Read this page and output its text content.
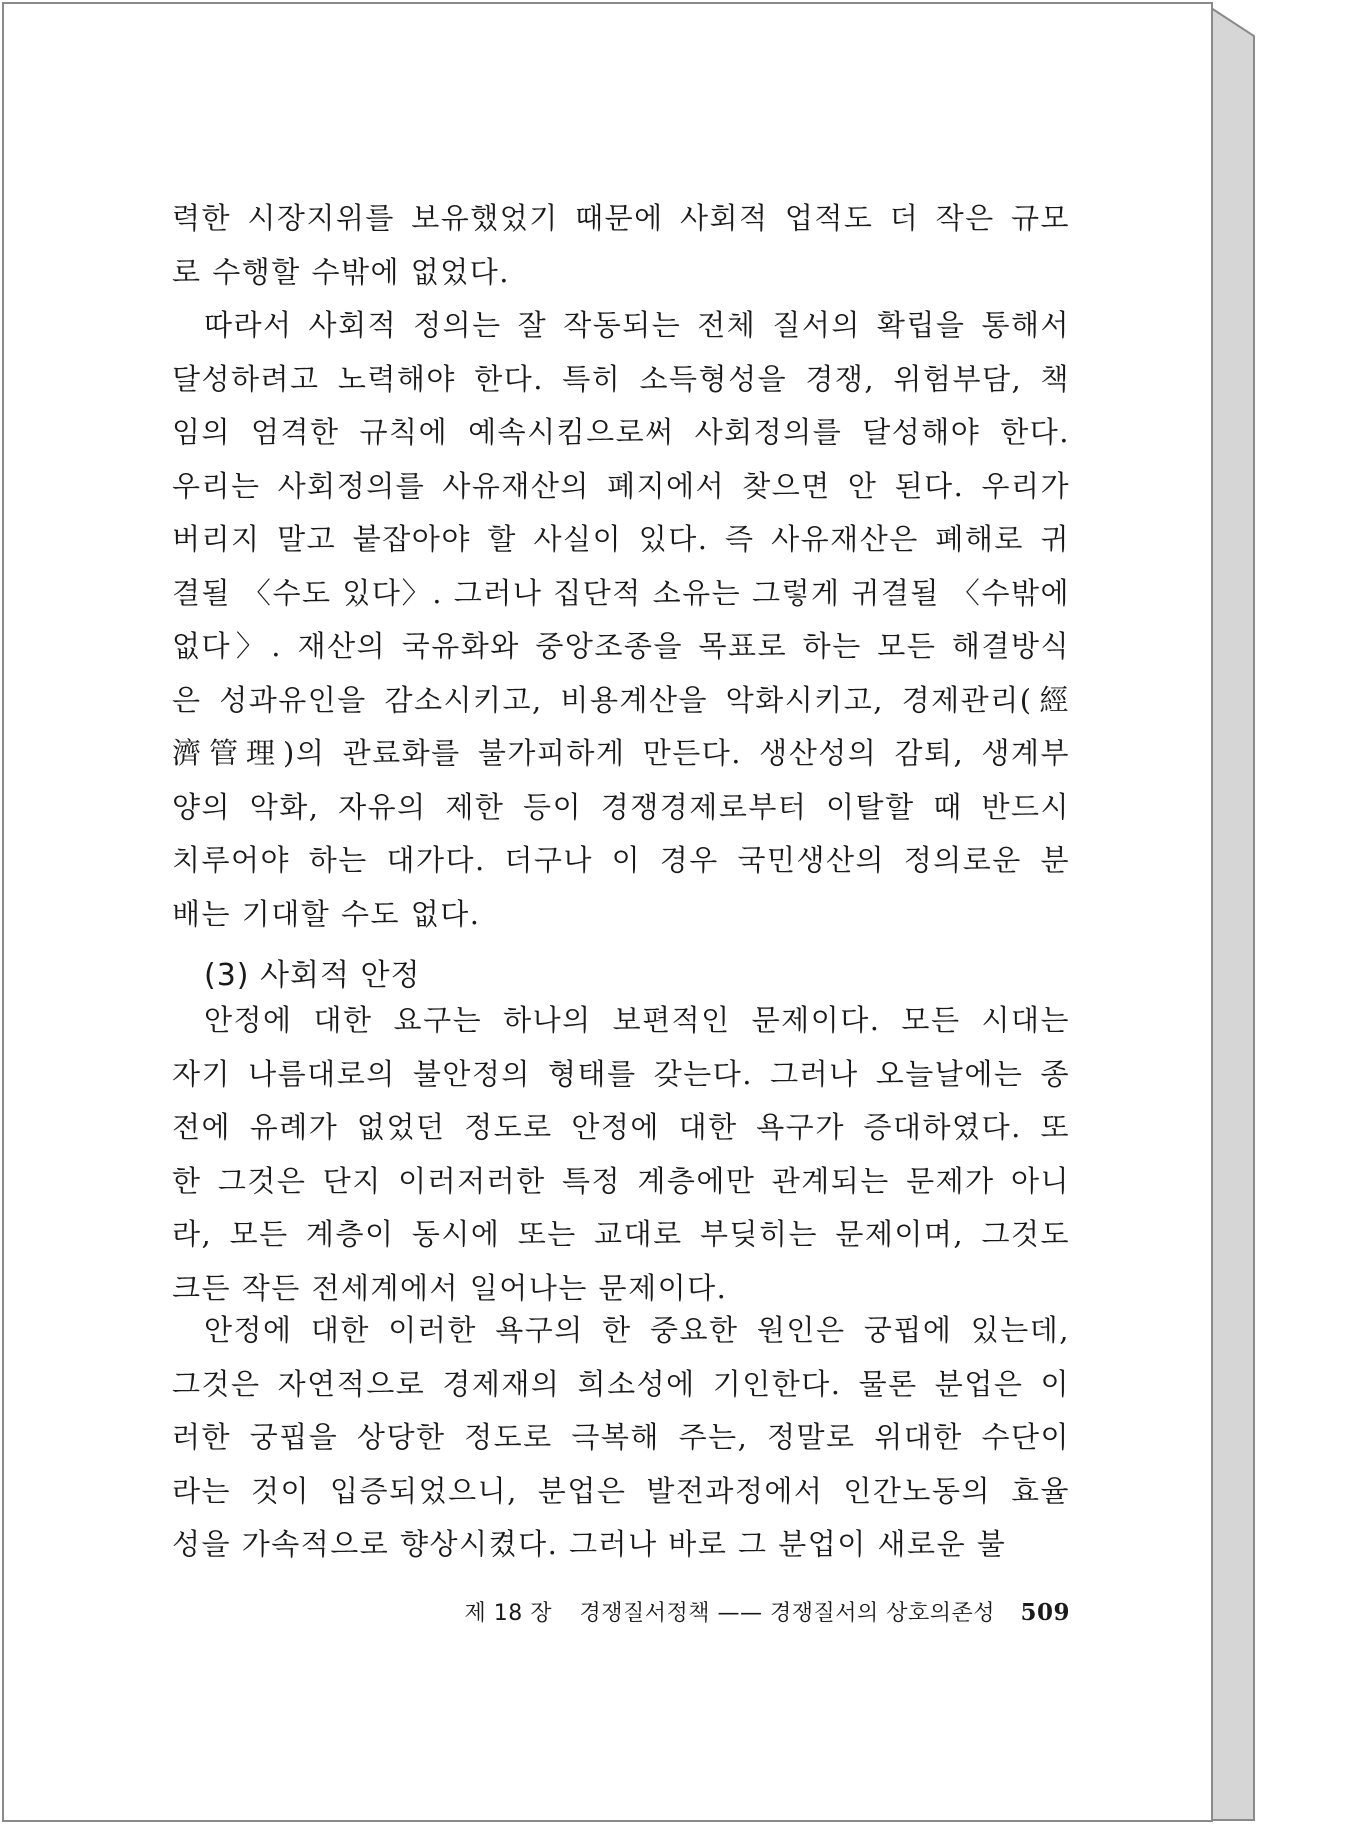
력한 시장지위를 보유했었기 때문에 사회적 업적도 더 작은 규모
로 수행할 수밖에 없었다.

따라서 사회적 정의는 잘 작동되는 전체 질서의 확립을 통해서
달성하려고 노력해야 한다. 특히 소득형성을 경쟁, 위험부담, 책
임의 엄격한 규칙에 예속시킴으로써 사회정의를 달성해야 한다.
우리는 사회정의를 사유재산의 폐지에서 찾으면 안 된다. 우리가
버리지 말고 붙잡아야 할 사실이 있다. 즉 사유재산은 폐해로 귀
결될 〈수도 있다〉. 그러나 집단적 소유는 그렇게 귀결될 〈수밖에
없다〉. 재산의 국유화와 중앙조종을 목표로 하는 모든 해결방식
은 성과유인을 감소시키고, 비용계산을 악화시키고, 경제관리(經
濟管理)의 관료화를 불가피하게 만든다. 생산성의 감퇴, 생계부
양의 악화, 자유의 제한 등이 경쟁경제로부터 이탈할 때 반드시
치루어야 하는 대가다. 더구나 이 경우 국민생산의 정의로운 분
배는 기대할 수도 없다.

(3) 사회적 안정

안정에 대한 요구는 하나의 보편적인 문제이다. 모든 시대는
자기 나름대로의 불안정의 형태를 갖는다. 그러나 오늘날에는 종
전에 유례가 없었던 정도로 안정에 대한 욕구가 증대하였다. 또
한 그것은 단지 이러저러한 특정 계층에만 관계되는 문제가 아니
라, 모든 계층이 동시에 또는 교대로 부딪히는 문제이며, 그것도
크든 작든 전세계에서 일어나는 문제이다.

안정에 대한 이러한 욕구의 한 중요한 원인은 궁핍에 있는데,
그것은 자연적으로 경제재의 희소성에 기인한다. 물론 분업은 이
러한 궁핍을 상당한 정도로 극복해 주는, 정말로 위대한 수단이
라는 것이 입증되었으니, 분업은 발전과정에서 인간노동의 효율
성을 가속적으로 향상시켰다. 그러나 바로 그 분업이 새로운 불

제 18 장 경쟁질서정책 —— 경쟁질서의 상호의존성 509
